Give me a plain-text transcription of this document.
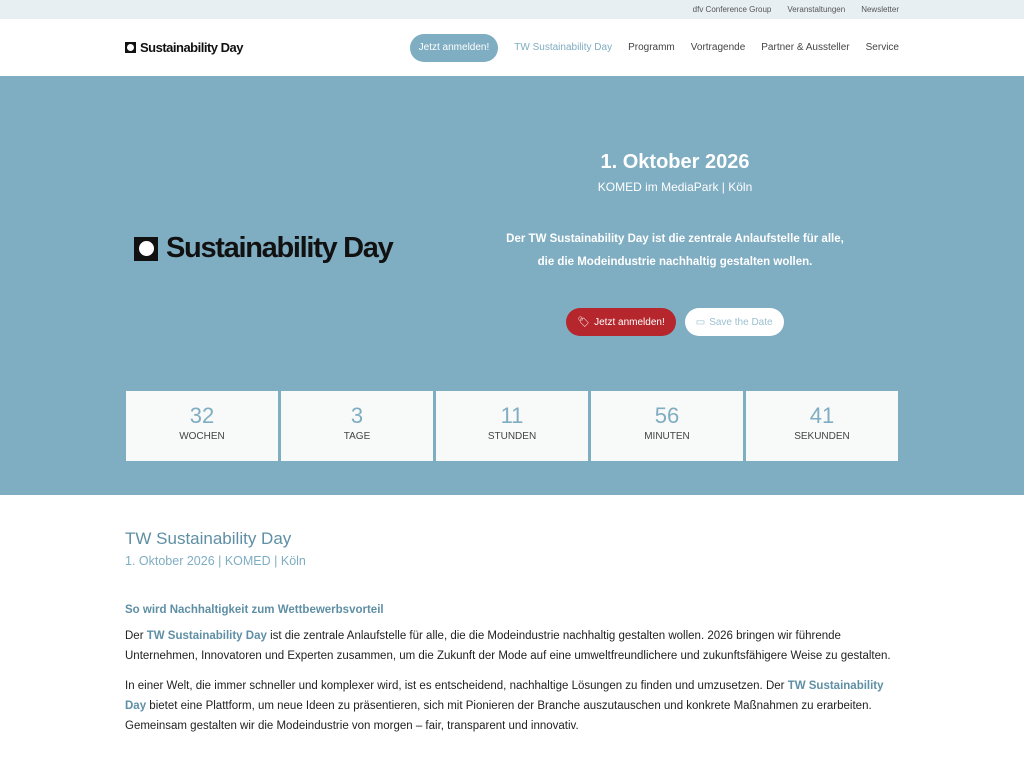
dfv Conference Group Veranstaltungen Newsletter
Sustainability Day	Jetzt anmelden!	TW Sustainability Day Programm Vortragende Partner & Aussteller Service
Sustainability Day
1. Oktober 2026
KOMED im MediaPark | Köln
Der TW Sustainability Day ist die zentrale Anlaufstelle für alle,
die die Modeindustrie nachhaltig gestalten wollen.
🏷 Jetzt anmelden!	▭ Save the Date
32
WOCHEN
3
TAGE
11
STUNDEN
56
MINUTEN
41
SEKUNDEN
TW Sustainability Day
1. Oktober 2026 | KOMED | Köln
So wird Nachhaltigkeit zum Wettbewerbsvorteil

Der TW Sustainability Day ist die zentrale Anlaufstelle für alle, die die Modeindustrie nachhaltig gestalten wollen. 2026 bringen wir führende Unternehmen, Innovatoren und Experten zusammen, um die Zukunft der Mode auf eine umweltfreundlichere und zukunftsfähigere Weise zu gestalten.

In einer Welt, die immer schneller und komplexer wird, ist es entscheidend, nachhaltige Lösungen zu finden und umzusetzen. Der TW Sustainability Day bietet eine Plattform, um neue Ideen zu präsentieren, sich mit Pionieren der Branche auszutauschen und konkrete Maßnahmen zu erarbeiten. Gemeinsam gestalten wir die Modeindustrie von morgen – fair, transparent und innovativ.
